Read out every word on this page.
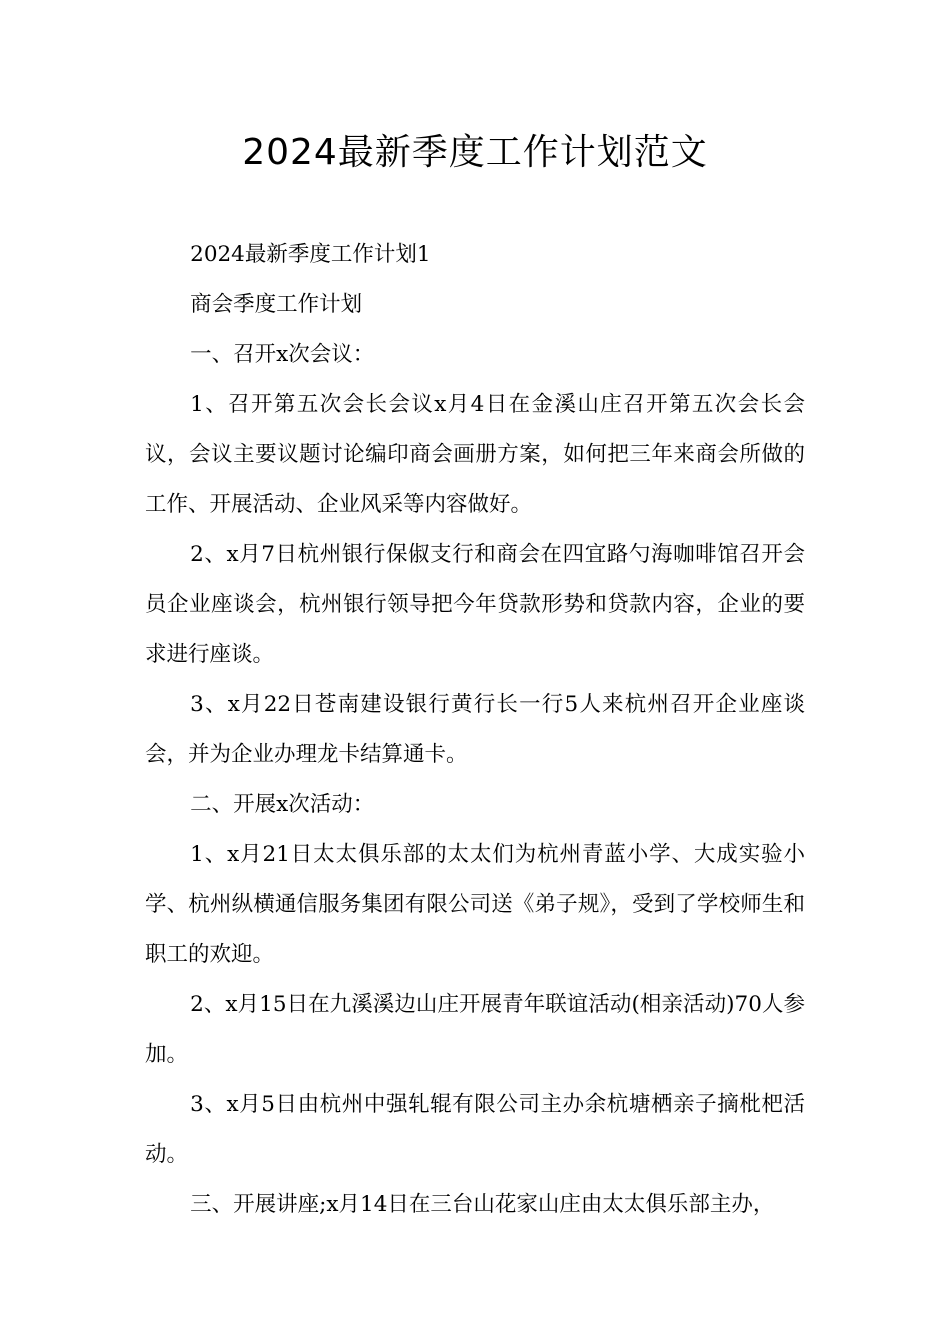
2024最新季度工作计划范文

2024最新季度工作计划1

商会季度工作计划

一、召开x次会议：

1、召开第五次会长会议x月4日在金溪山庄召开第五次会长会议，会议主要议题讨论编印商会画册方案，如何把三年来商会所做的工作、开展活动、企业风采等内容做好。

2、x月7日杭州银行保俶支行和商会在四宜路勺海咖啡馆召开会员企业座谈会，杭州银行领导把今年贷款形势和贷款内容，企业的要求进行座谈。

3、x月22日苍南建设银行黄行长一行5人来杭州召开企业座谈会，并为企业办理龙卡结算通卡。

二、开展x次活动：

1、x月21日太太俱乐部的太太们为杭州青蓝小学、大成实验小学、杭州纵横通信服务集团有限公司送《弟子规》，受到了学校师生和职工的欢迎。

2、x月15日在九溪溪边山庄开展青年联谊活动(相亲活动)70人参加。

3、x月5日由杭州中强轧辊有限公司主办余杭塘栖亲子摘枇杷活动。

三、开展讲座;x月14日在三台山花家山庄由太太俱乐部主办，
